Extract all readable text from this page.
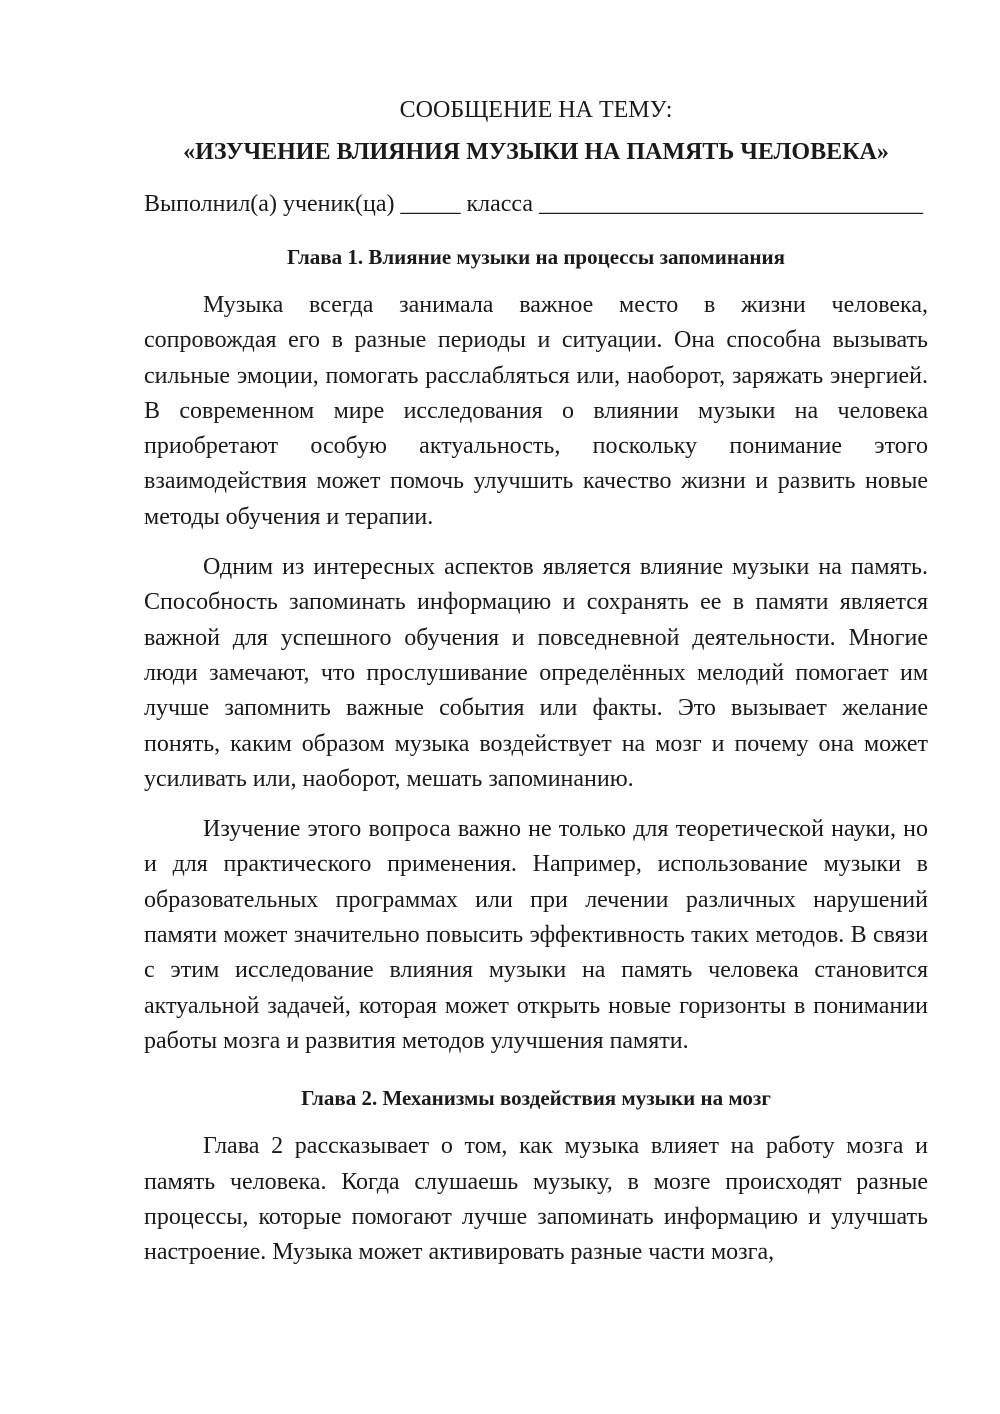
СООБЩЕНИЕ НА ТЕМУ:
«ИЗУЧЕНИЕ ВЛИЯНИЯ МУЗЫКИ НА ПАМЯТЬ ЧЕЛОВЕКА»

Выполнил(а) ученик(ца) _____ класса ________________________________

Глава 1. Влияние музыки на процессы запоминания

Музыка всегда занимала важное место в жизни человека, сопровождая его в разные периоды и ситуации. Она способна вызывать сильные эмоции, помогать расслабляться или, наоборот, заряжать энергией. В современном мире исследования о влиянии музыки на человека приобретают особую актуальность, поскольку понимание этого взаимодействия может помочь улучшить качество жизни и развить новые методы обучения и терапии.

Одним из интересных аспектов является влияние музыки на память. Способность запоминать информацию и сохранять ее в памяти является важной для успешного обучения и повседневной деятельности. Многие люди замечают, что прослушивание определённых мелодий помогает им лучше запомнить важные события или факты. Это вызывает желание понять, каким образом музыка воздействует на мозг и почему она может усиливать или, наоборот, мешать запоминанию.

Изучение этого вопроса важно не только для теоретической науки, но и для практического применения. Например, использование музыки в образовательных программах или при лечении различных нарушений памяти может значительно повысить эффективность таких методов. В связи с этим исследование влияния музыки на память человека становится актуальной задачей, которая может открыть новые горизонты в понимании работы мозга и развития методов улучшения памяти.

Глава 2. Механизмы воздействия музыки на мозг

Глава 2 рассказывает о том, как музыка влияет на работу мозга и память человека. Когда слушаешь музыку, в мозге происходят разные процессы, которые помогают лучше запоминать информацию и улучшать настроение. Музыка может активировать разные части мозга,
